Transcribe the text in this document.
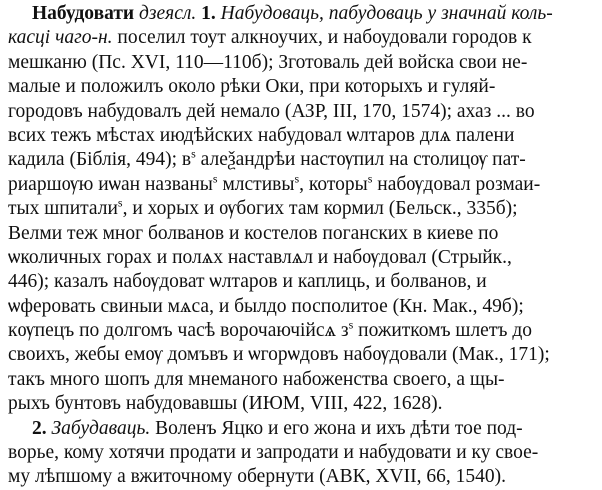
Набудовати дзеясл. 1. Набудоваць, пабудоваць у значнай коль-
касці чаго-н. поселил тоут алкноучих, и набоудовали городов к
мешканю (Пс. XVI, 110—110б); Зготоваль дей войска свои не-
малые и положилъ около рѣки Оки, при которыхъ и гуляй-
городовъ набудовалъ дей немало (АЗР, III, 170, 1574); ахаз ... во
всих тежъ мѣстах июдѣйских набудовал ѡлтаров длѧ палени
кадила (Біблія, 494); $в^s$ алеѯандрѣи настѹпил на столицѹ пат-
риаршѹю иѡан названы$^s$ млстивы$^s$, которы$^s$ набѹдовал розмаи-
тых шпитали$^s$, и хорых и ѹбогих там кормил (Бельск., 335б);
Велми теж мног болванов и костелов поганских в киеве по
ѡколичных горах и полѧх наставлѧл и набѹдовал (Стрыйк.,
446); казалъ набѹдоват ѡлтаров и каплиць, и болванов, и
ѡферовать свиныи мѧса, и былдо посполитое (Кн. Мак., 49б);
кѹпецъ по долгомъ часѣ ворочаючійсѧ $з^s$ пожиткомъ шлетъ до
своихъ, жебы емѹ домъвъ и ѡгорѡдовъ набѹдовали (Мак., 171);
такъ много шопъ для мнеманого набоженства своего, а щы-
рыхъ бунтовъ набудовавшы (ИЮМ, VIII, 422, 1628).
2. Забудаваць. Воленъ Яцко и его жона и ихъ дѣти тое под-
ворье, кому хотячи продати и запродати и набудовати и ку свое-
му лѣпшому а вжиточному обернути (АВК, XVII, 66, 1540).
